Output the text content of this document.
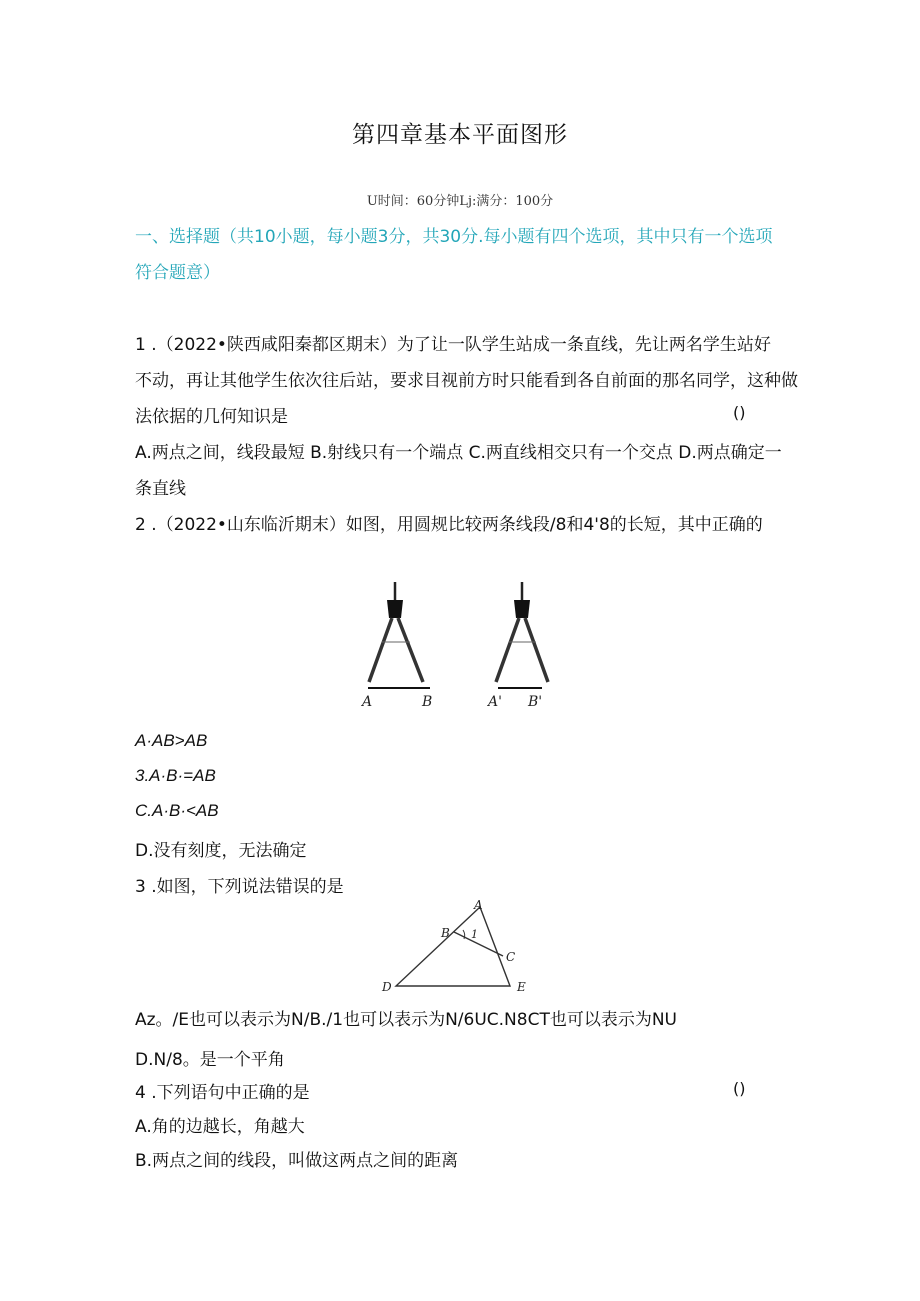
第四章基本平面图形
U时间：60分钟Lj:满分：100分
一、选择题（共10小题，每小题3分，共30分.每小题有四个选项，其中只有一个选项
符合题意）
1 .（2022•陕西咸阳秦都区期末）为了让一队学生站成一条直线，先让两名学生站好
不动，再让其他学生依次往后站，要求目视前方时只能看到各自前面的那名同学，这种做
法依据的几何知识是	()
A.两点之间，线段最短 B.射线只有一个端点 C.两直线相交只有一个交点 D.两点确定一
条直线
2 .（2022•山东临沂期末）如图，用圆规比较两条线段/8和4'8的长短，其中正确的
A	B	A' B'
A·AB>AB
3.A·B·=AB
C.A·B·<AB
D.没有刻度，无法确定
3 .如图，下列说法错误的是
A
B 1
C
D	E
Az。/E也可以表示为N/B./1也可以表示为N/6UC.N8CT也可以表示为NU
D.N/8。是一个平角
4 .下列语句中正确的是	()
A.角的边越长，角越大
B.两点之间的线段，叫做这两点之间的距离
